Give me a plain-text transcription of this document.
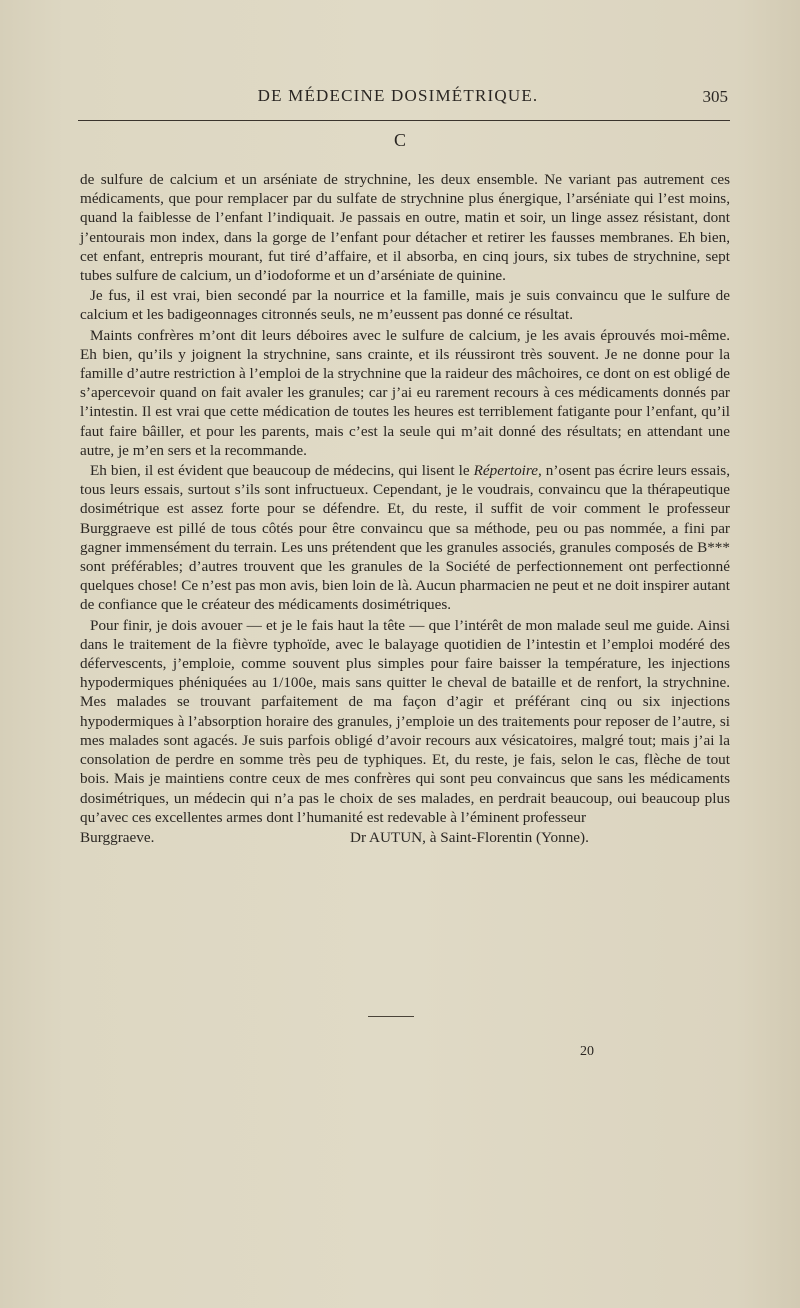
DE MÉDECINE DOSIMÉTRIQUE.	305
C

de sulfure de calcium et un arséniate de strychnine, les deux ensemble. Ne variant pas autrement ces médicaments, que pour remplacer par du sulfate de strychnine plus énergique, l’arséniate qui l’est moins, quand la faiblesse de l’enfant l’indiquait. Je passais en outre, matin et soir, un linge assez résistant, dont j’entourais mon index, dans la gorge de l’enfant pour détacher et retirer les fausses membranes. Eh bien, cet enfant, entrepris mourant, fut tiré d’affaire, et il absorba, en cinq jours, six tubes de strychnine, sept tubes sulfure de calcium, un d’iodoforme et un d’arséniate de quinine.

Je fus, il est vrai, bien secondé par la nourrice et la famille, mais je suis convaincu que le sulfure de calcium et les badigeonnages citronnés seuls, ne m’eussent pas donné ce résultat.

Maints confrères m’ont dit leurs déboires avec le sulfure de calcium, je les avais éprouvés moi-même. Eh bien, qu’ils y joignent la strychnine, sans crainte, et ils réussiront très souvent. Je ne donne pour la famille d’autre restriction à l’emploi de la strychnine que la raideur des mâchoires, ce dont on est obligé de s’apercevoir quand on fait avaler les granules; car j’ai eu rarement recours à ces médicaments donnés par l’intestin. Il est vrai que cette médication de toutes les heures est terriblement fatigante pour l’enfant, qu’il faut faire bâiller, et pour les parents, mais c’est la seule qui m’ait donné des résultats; en attendant une autre, je m’en sers et la recommande.

Eh bien, il est évident que beaucoup de médecins, qui lisent le Répertoire, n’osent pas écrire leurs essais, tous leurs essais, surtout s’ils sont infructueux. Cependant, je le voudrais, convaincu que la thérapeutique dosimétrique est assez forte pour se défendre. Et, du reste, il suffit de voir comment le professeur Burggraeve est pillé de tous côtés pour être convaincu que sa méthode, peu ou pas nommée, a fini par gagner immensément du terrain. Les uns prétendent que les granules associés, granules composés de B*** sont préférables; d’autres trouvent que les granules de la Société de perfectionnement ont perfectionné quelques chose! Ce n’est pas mon avis, bien loin de là. Aucun pharmacien ne peut et ne doit inspirer autant de confiance que le créateur des médicaments dosimétriques.

Pour finir, je dois avouer — et je le fais haut la tête — que l’intérêt de mon malade seul me guide. Ainsi dans le traitement de la fièvre typhoïde, avec le balayage quotidien de l’intestin et l’emploi modéré des défervescents, j’emploie, comme souvent plus simples pour faire baisser la température, les injections hypodermiques phéniquées au 1/100e, mais sans quitter le cheval de bataille et de renfort, la strychnine. Mes malades se trouvant parfaitement de ma façon d’agir et préférant cinq ou six injections hypodermiques à l’absorption horaire des granules, j’emploie un des traitements pour reposer de l’autre, si mes malades sont agacés. Je suis parfois obligé d’avoir recours aux vésicatoires, malgré tout; mais j’ai la consolation de perdre en somme très peu de typhiques. Et, du reste, je fais, selon le cas, flèche de tout bois. Mais je maintiens contre ceux de mes confrères qui sont peu convaincus que sans les médicaments dosimétriques, un médecin qui n’a pas le choix de ses malades, en perdrait beaucoup, oui beaucoup plus qu’avec ces excellentes armes dont l’humanité est redevable à l’éminent professeur

Burggraeve.	Dr AUTUN, à Saint-Florentin (Yonne).
20
